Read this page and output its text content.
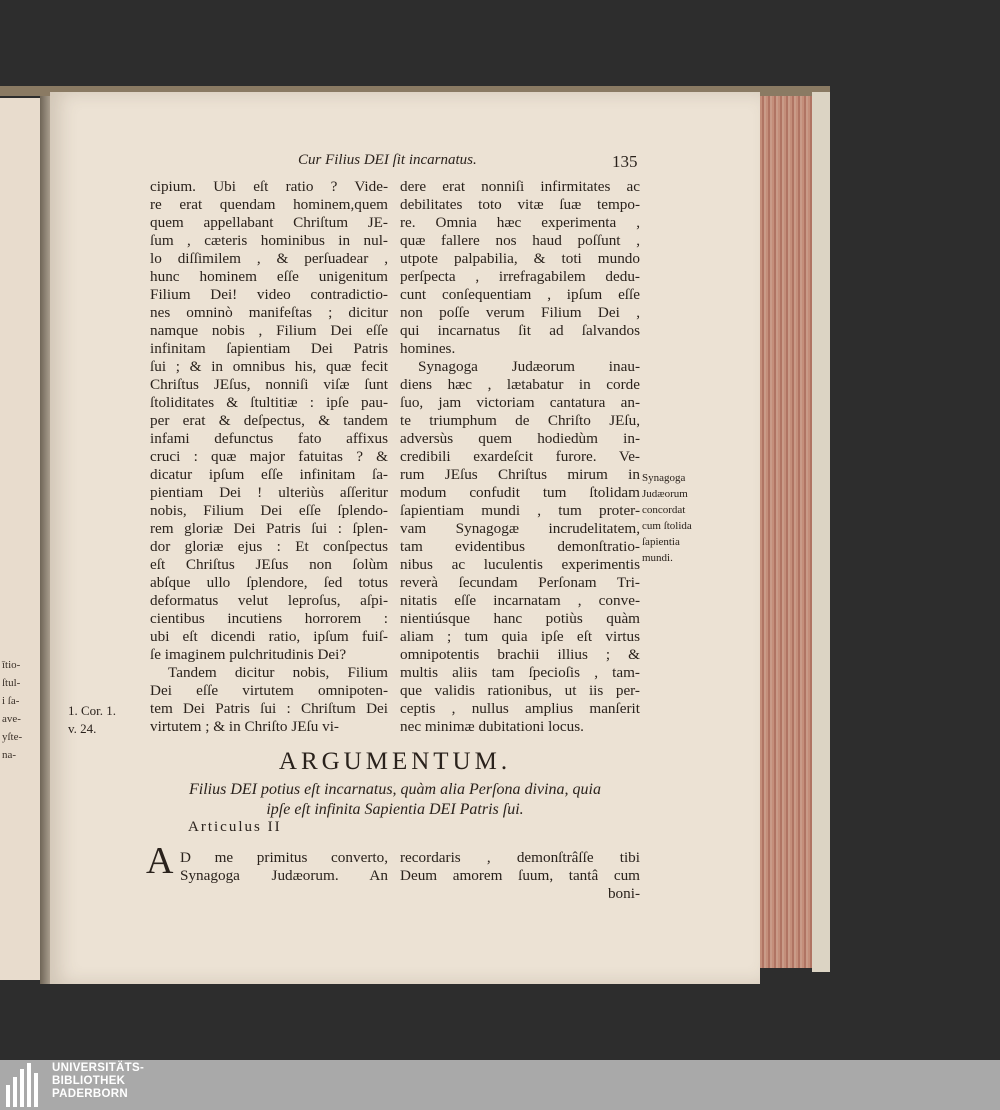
ītio-
ſtul-
i ſa-
ave-
yſte-
na-
Cur Filius DEI ſit incarnatus.	135
cipium. Ubi eſt ratio ? Vide-
re erat quendam hominem,quem
quem appellabant Chriſtum JE-
ſum , cæteris hominibus in nul-
lo diſſimilem , & perſuadear ,
hunc hominem eſſe unigenitum
Filium Dei! video contradictio-
nes omninò manifeſtas ; dicitur
namque nobis , Filium Dei eſſe
infinitam ſapientiam Dei Patris
ſui ; & in omnibus his, quæ fecit
Chriſtus JEſus, nonniſi viſæ ſunt
ſtoliditates & ſtultitiæ : ipſe pau-
per erat & deſpectus, & tandem
infami defunctus fato affixus
cruci : quæ major fatuitas ? &
dicatur ipſum eſſe infinitam ſa-
pientiam Dei ! ulteriùs aſſeritur
nobis, Filium Dei eſſe ſplendo-
rem gloriæ Dei Patris ſui : ſplen-
dor gloriæ ejus : Et conſpectus
eſt Chriſtus JEſus non ſolùm
abſque ullo ſplendore, ſed totus
deformatus velut leproſus, aſpi-
cientibus incutiens horrorem :
ubi eſt dicendi ratio, ipſum fuiſ-
ſe imaginem pulchritudinis Dei?
Tandem dicitur nobis, Filium
Dei eſſe virtutem omnipoten-
tem Dei Patris ſui : Chriſtum Dei
virtutem ; & in Chriſto JEſu vi-
dere erat nonniſi infirmitates ac
debilitates toto vitæ ſuæ tempo-
re. Omnia hæc experimenta ,
quæ fallere nos haud poſſunt ,
utpote palpabilia, & toti mundo
perſpecta , irrefragabilem dedu-
cunt conſequentiam , ipſum eſſe
non poſſe verum Filium Dei ,
qui incarnatus ſit ad ſalvandos
homines.
Synagoga Judæorum inau-
diens hæc , lætabatur in corde
ſuo, jam victoriam cantatura an-
te triumphum de Chriſto JEſu,
adversùs quem hodiedùm in-
credibili exardeſcit furore. Ve-
rum JEſus Chriſtus mirum in
modum confudit tum ſtolidam
ſapientiam mundi , tum proter-
vam Synagogæ incrudelitatem,
tam evidentibus demonſtratio-
nibus ac luculentis experimentis
reverà ſecundam Perſonam Tri-
nitatis eſſe incarnatam , conve-
nientiúsque hanc potiùs quàm
aliam ; tum quia ipſe eſt virtus
omnipotentis brachii illius ; &
multis aliis tam ſpecioſis , tam-
que validis rationibus, ut iis per-
ceptis , nullus amplius manſerit
nec minimæ dubitationi locus.
1. Cor. 1.
v. 24.
Synagoga
Judæorum
concordat
cum ſtolida
ſapientia
mundi.
ARGUMENTUM.
Filius DEI potius eſt incarnatus, quàm alia Perſona divina, quia
ipſe eſt infinita Sapientia DEI Patris ſui.
Articulus II
A D me primitus converto,
Synagoga Judæorum. An
recordaris , demonſtrâſſe tibi
Deum amorem ſuum, tantâ cum
boni-
UNIVERSITÄTS-
BIBLIOTHEK
PADERBORN
